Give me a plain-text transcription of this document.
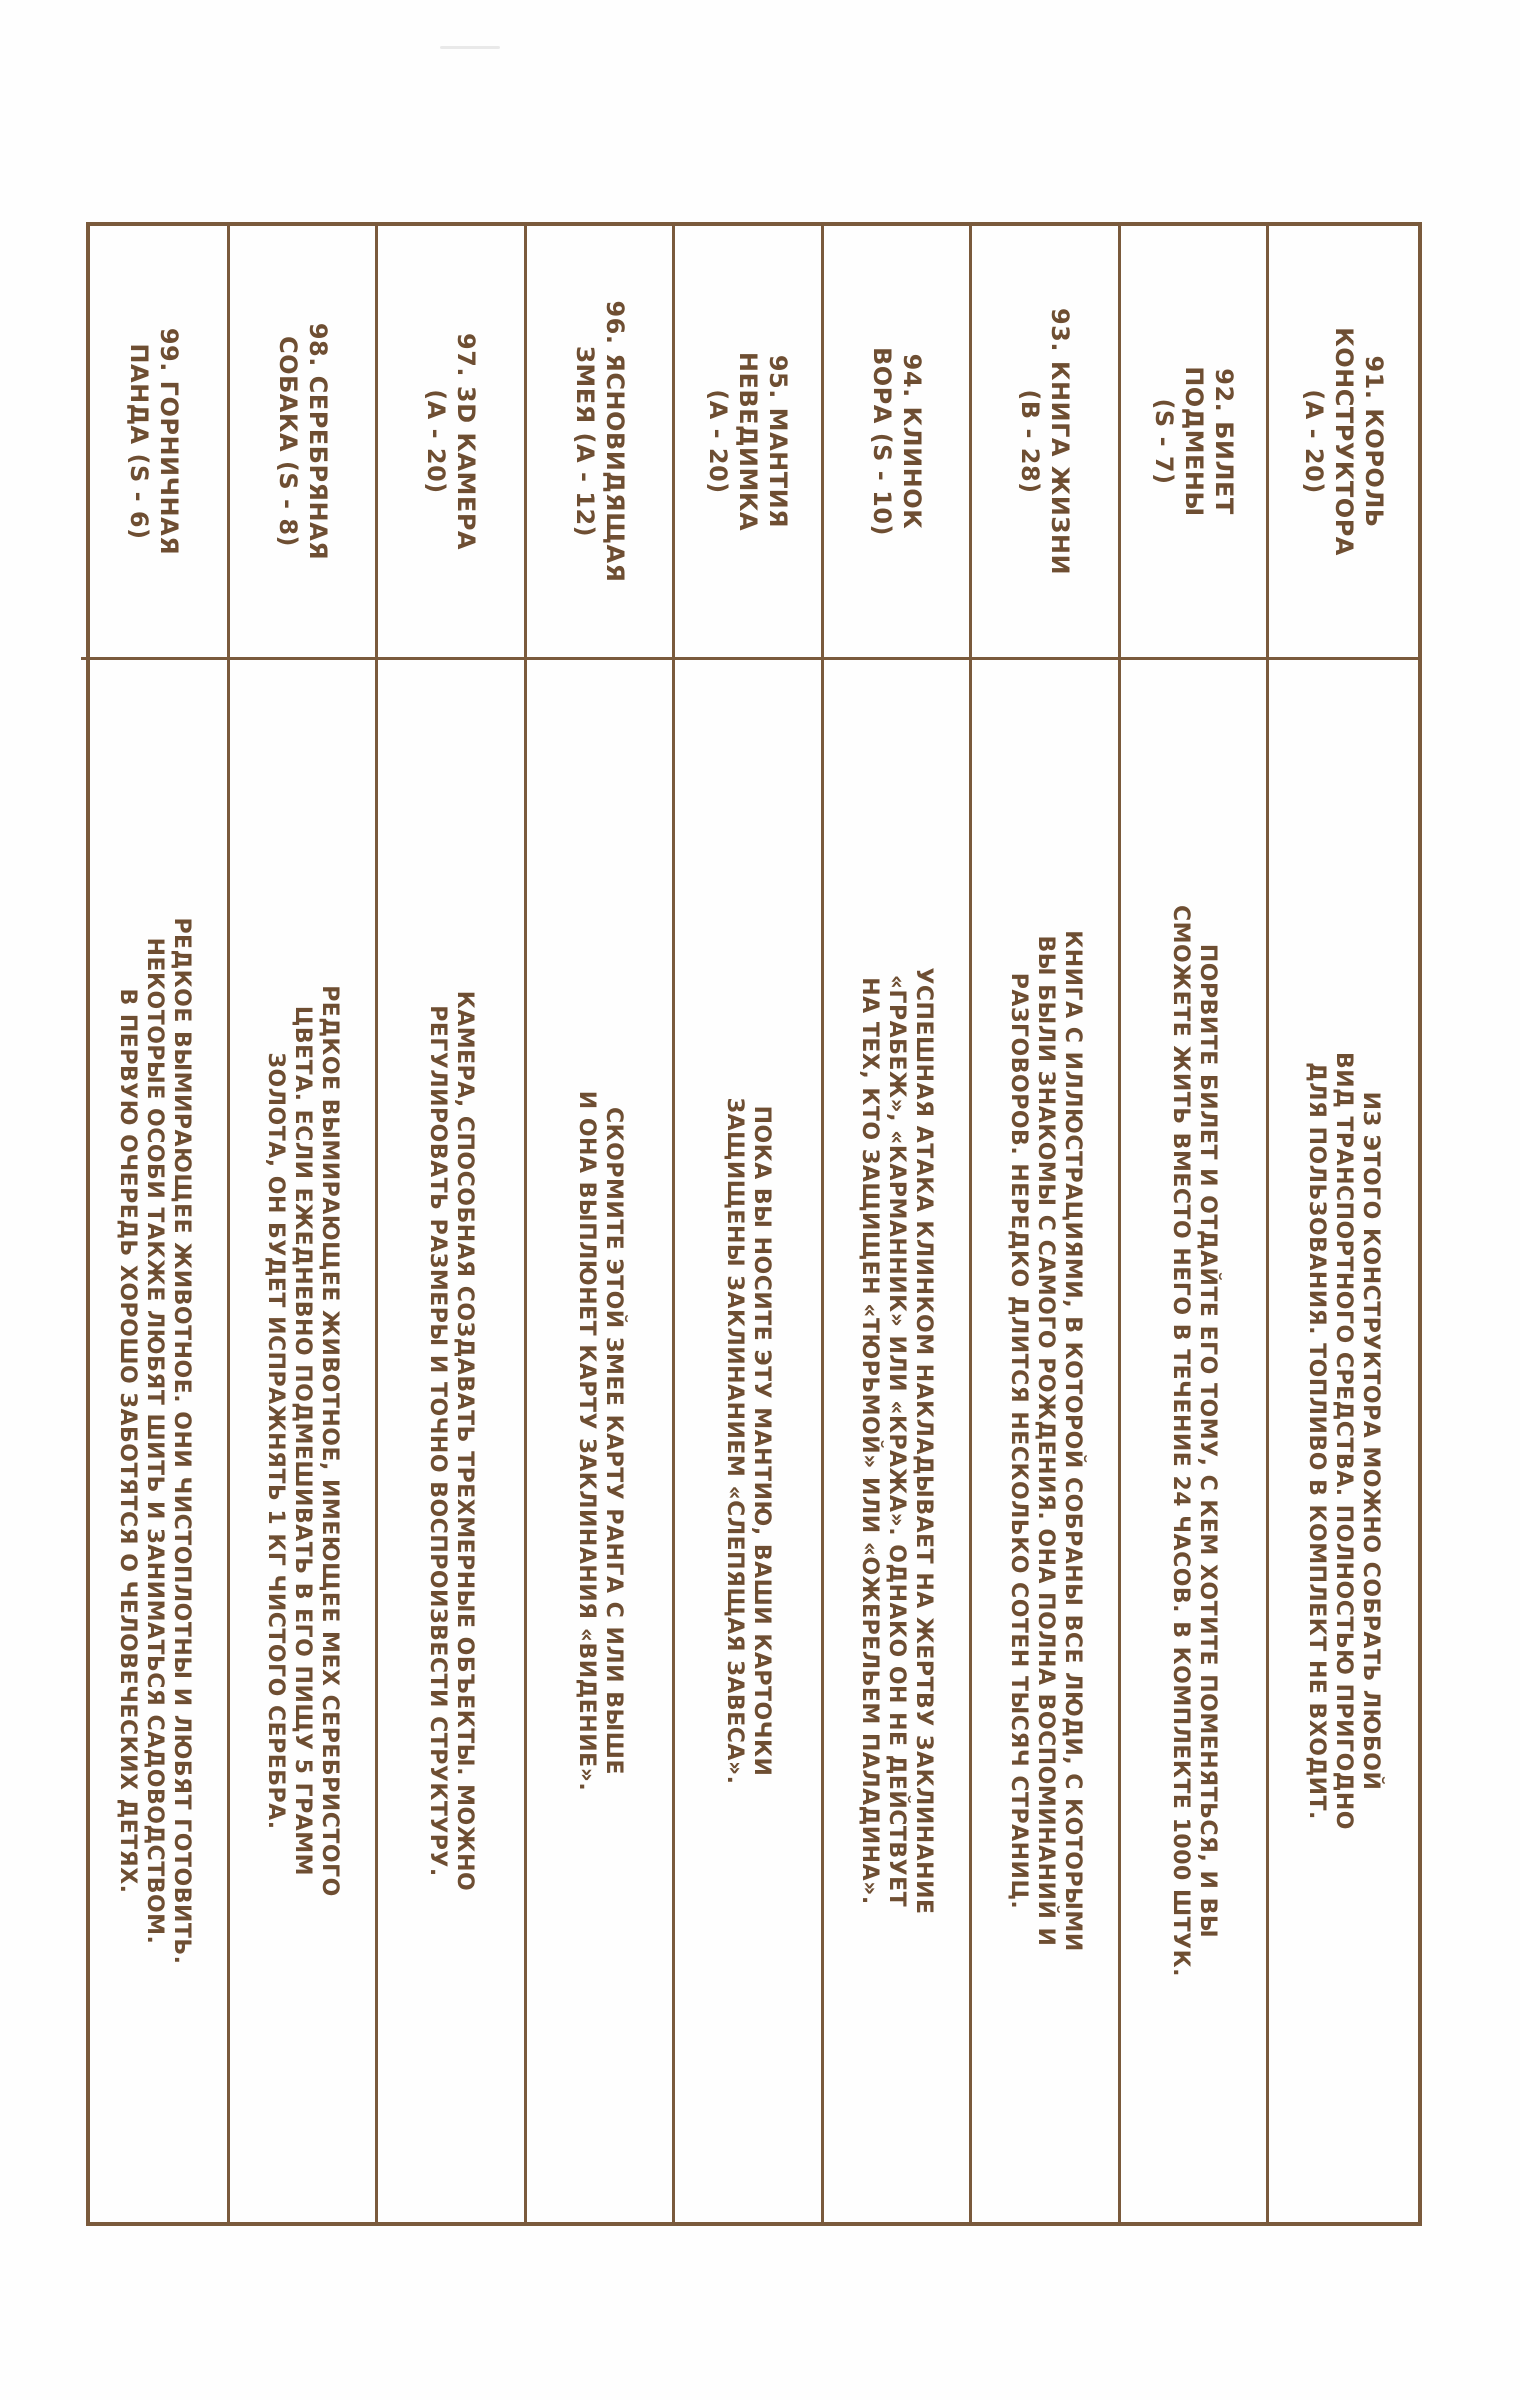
91. КОРОЛЬ
КОНСТРУКТОРА
(A - 20)
ИЗ ЭТОГО КОНСТРУКТОРА МОЖНО СОБРАТЬ ЛЮБОЙ
ВИД ТРАНСПОРТНОГО СРЕДСТВА. ПОЛНОСТЬЮ ПРИГОДНО
ДЛЯ ПОЛЬЗОВАНИЯ. ТОПЛИВО В КОМПЛЕКТ НЕ ВХОДИТ.
92. БИЛЕТ
ПОДМЕНЫ
(S - 7)
ПОРВИТЕ БИЛЕТ И ОТДАЙТЕ ЕГО ТОМУ, С КЕМ ХОТИТЕ ПОМЕНЯТЬСЯ, И ВЫ
СМОЖЕТЕ ЖИТЬ ВМЕСТО НЕГО В ТЕЧЕНИЕ 24 ЧАСОВ. В КОМПЛЕКТЕ 1000 ШТУК.
93. КНИГА ЖИЗНИ
(B - 28)
КНИГА С ИЛЛЮСТРАЦИЯМИ, В КОТОРОЙ СОБРАНЫ ВСЕ ЛЮДИ, С КОТОРЫМИ
ВЫ БЫЛИ ЗНАКОМЫ С САМОГО РОЖДЕНИЯ. ОНА ПОЛНА ВОСПОМИНАНИЙ И
РАЗГОВОРОВ. НЕРЕДКО ДЛИТСЯ НЕСКОЛЬКО СОТЕН ТЫСЯЧ СТРАНИЦ.
94. КЛИНОК
ВОРА (S - 10)
УСПЕШНАЯ АТАКА КЛИНКОМ НАКЛАДЫВАЕТ НА ЖЕРТВУ ЗАКЛИНАНИЕ
«ГРАБЕЖ», «КАРМАННИК» ИЛИ «КРАЖА». ОДНАКО ОН НЕ ДЕЙСТВУЕТ
НА ТЕХ, КТО ЗАЩИЩЕН «ТЮРЬМОЙ» ИЛИ «ОЖЕРЕЛЬЕМ ПАЛАДИНА».
95. МАНТИЯ
НЕВЕДИМКА
(A - 20)
ПОКА ВЫ НОСИТЕ ЭТУ МАНТИЮ, ВАШИ КАРТОЧКИ
ЗАЩИЩЕНЫ ЗАКЛИНАНИЕМ «СЛЕПЯЩАЯ ЗАВЕСА».
96. ЯСНОВИДЯЩАЯ
ЗМЕЯ (A - 12)
СКОРМИТЕ ЭТОЙ ЗМЕЕ КАРТУ РАНГА C ИЛИ ВЫШЕ
И ОНА ВЫПЛЮНЕТ КАРТУ ЗАКЛИНАНИЯ «ВИДЕНИЕ».
97. 3D КАМЕРА
(A - 20)
КАМЕРА, СПОСОБНАЯ СОЗДАВАТЬ ТРЕХМЕРНЫЕ ОБЪЕКТЫ. МОЖНО
РЕГУЛИРОВАТЬ РАЗМЕРЫ И ТОЧНО ВОСПРОИЗВЕСТИ СТРУКТУРУ.
98. СЕРЕБРЯНАЯ
СОБАКА (S - 8)
РЕДКОЕ ВЫМИРАЮЩЕЕ ЖИВОТНОЕ, ИМЕЮЩЕЕ МЕХ СЕРЕБРИСТОГО
ЦВЕТА. ЕСЛИ ЕЖЕДНЕВНО ПОДМЕШИВАТЬ В ЕГО ПИЩУ 5 ГРАММ
ЗОЛОТА, ОН БУДЕТ ИСПРАЖНЯТЬ 1 КГ ЧИСТОГО СЕРЕБРА.
99. ГОРНИЧНАЯ
ПАНДА (S - 6)
РЕДКОЕ ВЫМИРАЮЩЕЕ ЖИВОТНОЕ. ОНИ ЧИСТОПЛОТНЫ И ЛЮБЯТ ГОТОВИТЬ.
НЕКОТОРЫЕ ОСОБИ ТАКЖЕ ЛЮБЯТ ШИТЬ И ЗАНИМАТЬСЯ САДОВОДСТВОМ.
В ПЕРВУЮ ОЧЕРЕДЬ ХОРОШО ЗАБОТЯТСЯ О ЧЕЛОВЕЧЕСКИХ ДЕТЯХ.
